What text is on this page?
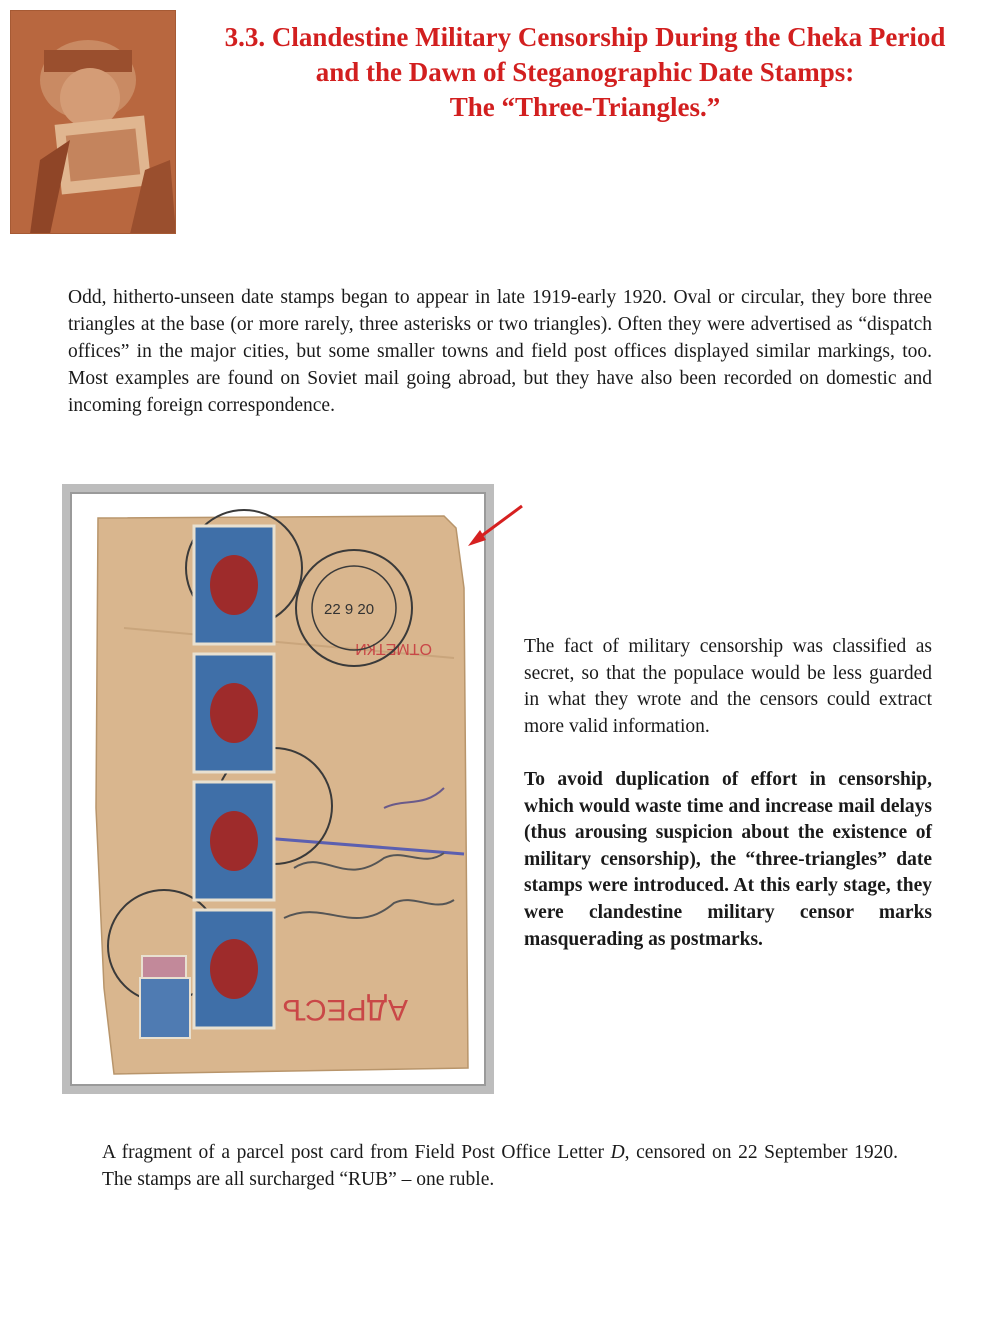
3.3. Clandestine Military Censorship During the Cheka Period
and the Dawn of Steganographic Date Stamps:
The “Three-Triangles.”

Odd, hitherto-unseen date stamps began to appear in late 1919-early 1920. Oval or circular, they bore three triangles at the base (or more rarely, three asterisks or two triangles). Often they were advertised as “dispatch offices” in the major cities, but some smaller towns and field post offices displayed similar markings, too. Most examples are found on Soviet mail going abroad, but they have also been recorded on domestic and incoming foreign correspondence.

АДРЕСЪ
ОТМЕТКИ
22 9 20

The fact of military censorship was classified as secret, so that the populace would be less guarded in what they wrote and the censors could extract more valid information.

To avoid duplication of effort in censorship, which would waste time and increase mail delays (thus arousing suspicion about the existence of military censorship), the “three-triangles” date stamps were introduced. At this early stage, they were clandestine military censor marks masquerading as postmarks.

A fragment of a parcel post card from Field Post Office Letter D, censored on 22 September 1920. The stamps are all surcharged “RUB” – one ruble.
